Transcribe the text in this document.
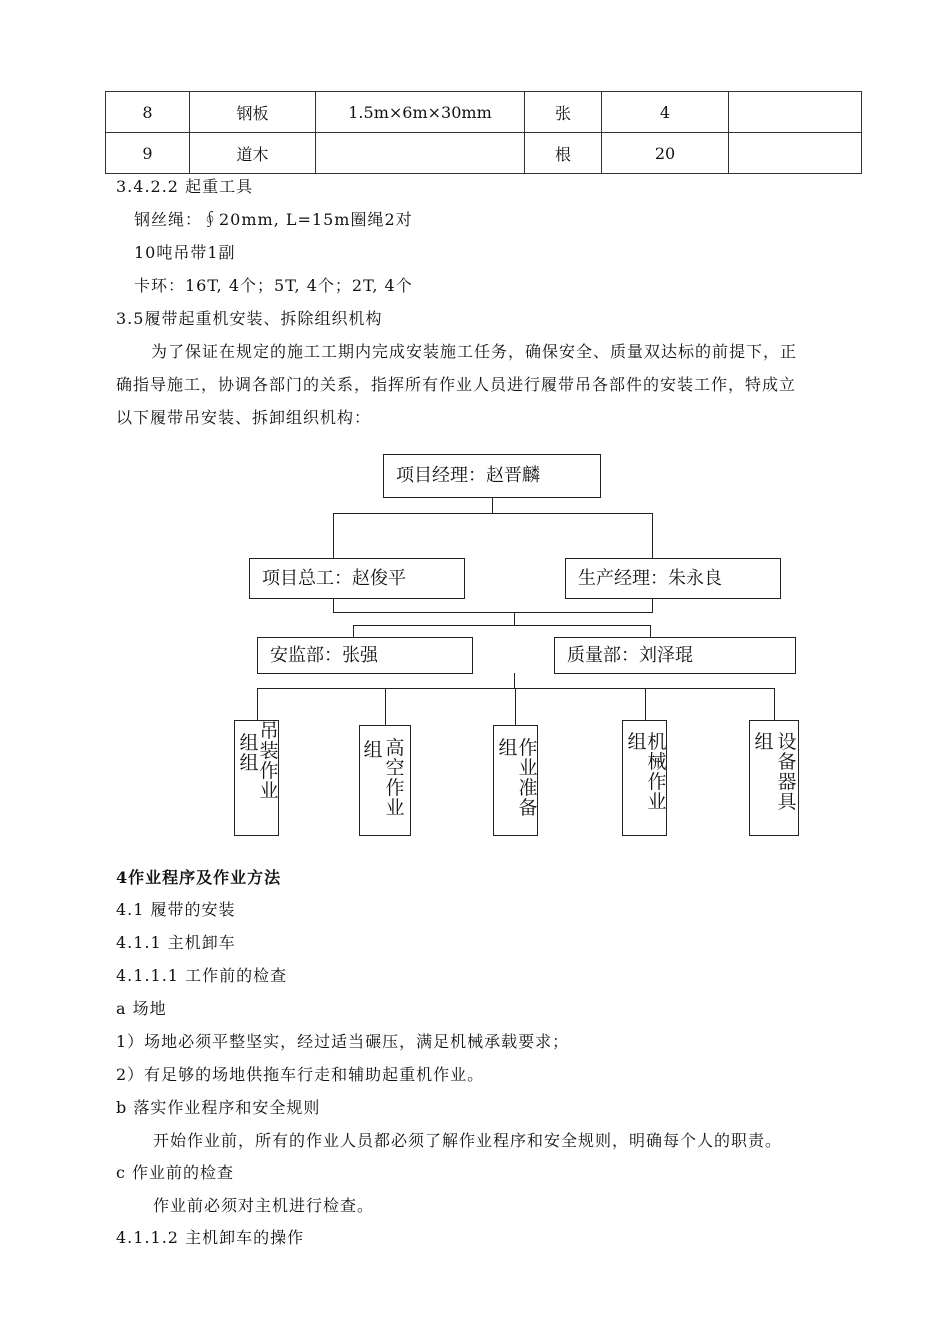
8	钢板	1.5m×6m×30mm	张	4	
9	道木		根	20	
3.4.2.2 起重工具
钢丝绳：∮20mm, L=15m圈绳2对
10吨吊带1副
卡环：16T, 4个；5T, 4个；2T, 4个
3.5履带起重机安装、拆除组织机构
为了保证在规定的施工工期内完成安装施工任务，确保安全、质量双达标的前提下，正
确指导施工，协调各部门的关系，指挥所有作业人员进行履带吊各部件的安装工作，特成立
以下履带吊安装、拆卸组织机构：
项目经理：赵晋麟
项目总工：赵俊平	生产经理：朱永良
安监部：张强	质量部：刘泽琨
组
组
吊
装
作
业
组 高
空
作
业
组 作
业
准
备
组 机
械
作
业
组 设
备
器
具
4作业程序及作业方法
4.1 履带的安装
4.1.1 主机卸车
4.1.1.1 工作前的检查
a 场地
1）场地必须平整坚实，经过适当碾压，满足机械承载要求；
2）有足够的场地供拖车行走和辅助起重机作业。
b 落实作业程序和安全规则
开始作业前，所有的作业人员都必须了解作业程序和安全规则，明确每个人的职责。
c 作业前的检查
作业前必须对主机进行检查。
4.1.1.2 主机卸车的操作
